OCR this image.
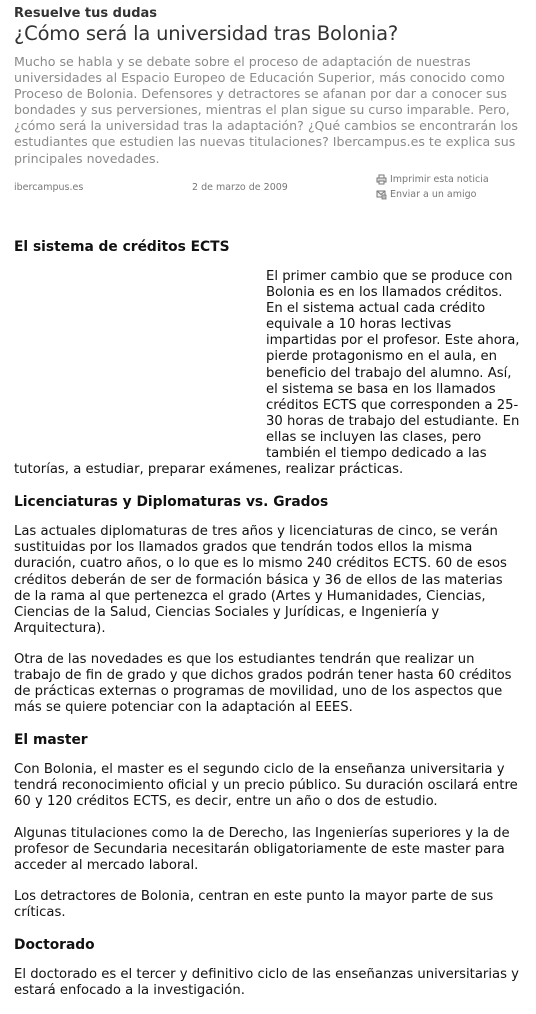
Resuelve tus dudas
¿Cómo será la universidad tras Bolonia?
Mucho se habla y se debate sobre el proceso de adaptación de nuestras universidades al Espacio Europeo de Educación Superior, más conocido como Proceso de Bolonia. Defensores y detractores se afanan por dar a conocer sus bondades y sus perversiones, mientras el plan sigue su curso imparable. Pero, ¿cómo será la universidad tras la adaptación? ¿Qué cambios se encontrarán los estudiantes que estudien las nuevas titulaciones? Ibercampus.es te explica sus principales novedades.
ibercampus.es	2 de marzo de 2009
Imprimir esta noticia
Enviar a un amigo
El sistema de créditos ECTS

El primer cambio que se produce con Bolonia es en los llamados créditos. En el sistema actual cada crédito equivale a 10 horas lectivas impartidas por el profesor. Este ahora, pierde protagonismo en el aula, en beneficio del trabajo del alumno. Así, el sistema se basa en los llamados créditos ECTS que corresponden a 25-30 horas de trabajo del estudiante. En ellas se incluyen las clases, pero también el tiempo dedicado a las tutorías, a estudiar, preparar exámenes, realizar prácticas.

Licenciaturas y Diplomaturas vs. Grados

Las actuales diplomaturas de tres años y licenciaturas de cinco, se verán sustituidas por los llamados grados que tendrán todos ellos la misma duración, cuatro años, o lo que es lo mismo 240 créditos ECTS. 60 de esos créditos deberán de ser de formación básica y 36 de ellos de las materias de la rama al que pertenezca el grado (Artes y Humanidades, Ciencias, Ciencias de la Salud, Ciencias Sociales y Jurídicas, e Ingeniería y Arquitectura).

Otra de las novedades es que los estudiantes tendrán que realizar un trabajo de fin de grado y que dichos grados podrán tener hasta 60 créditos de prácticas externas o programas de movilidad, uno de los aspectos que más se quiere potenciar con la adaptación al EEES.

El master

Con Bolonia, el master es el segundo ciclo de la enseñanza universitaria y tendrá reconocimiento oficial y un precio público. Su duración oscilará entre 60 y 120 créditos ECTS, es decir, entre un año o dos de estudio.

Algunas titulaciones como la de Derecho, las Ingenierías superiores y la de profesor de Secundaria necesitarán obligatoriamente de este master para acceder al mercado laboral.

Los detractores de Bolonia, centran en este punto la mayor parte de sus críticas.

Doctorado

El doctorado es el tercer y definitivo ciclo de las enseñanzas universitarias y estará enfocado a la investigación.
